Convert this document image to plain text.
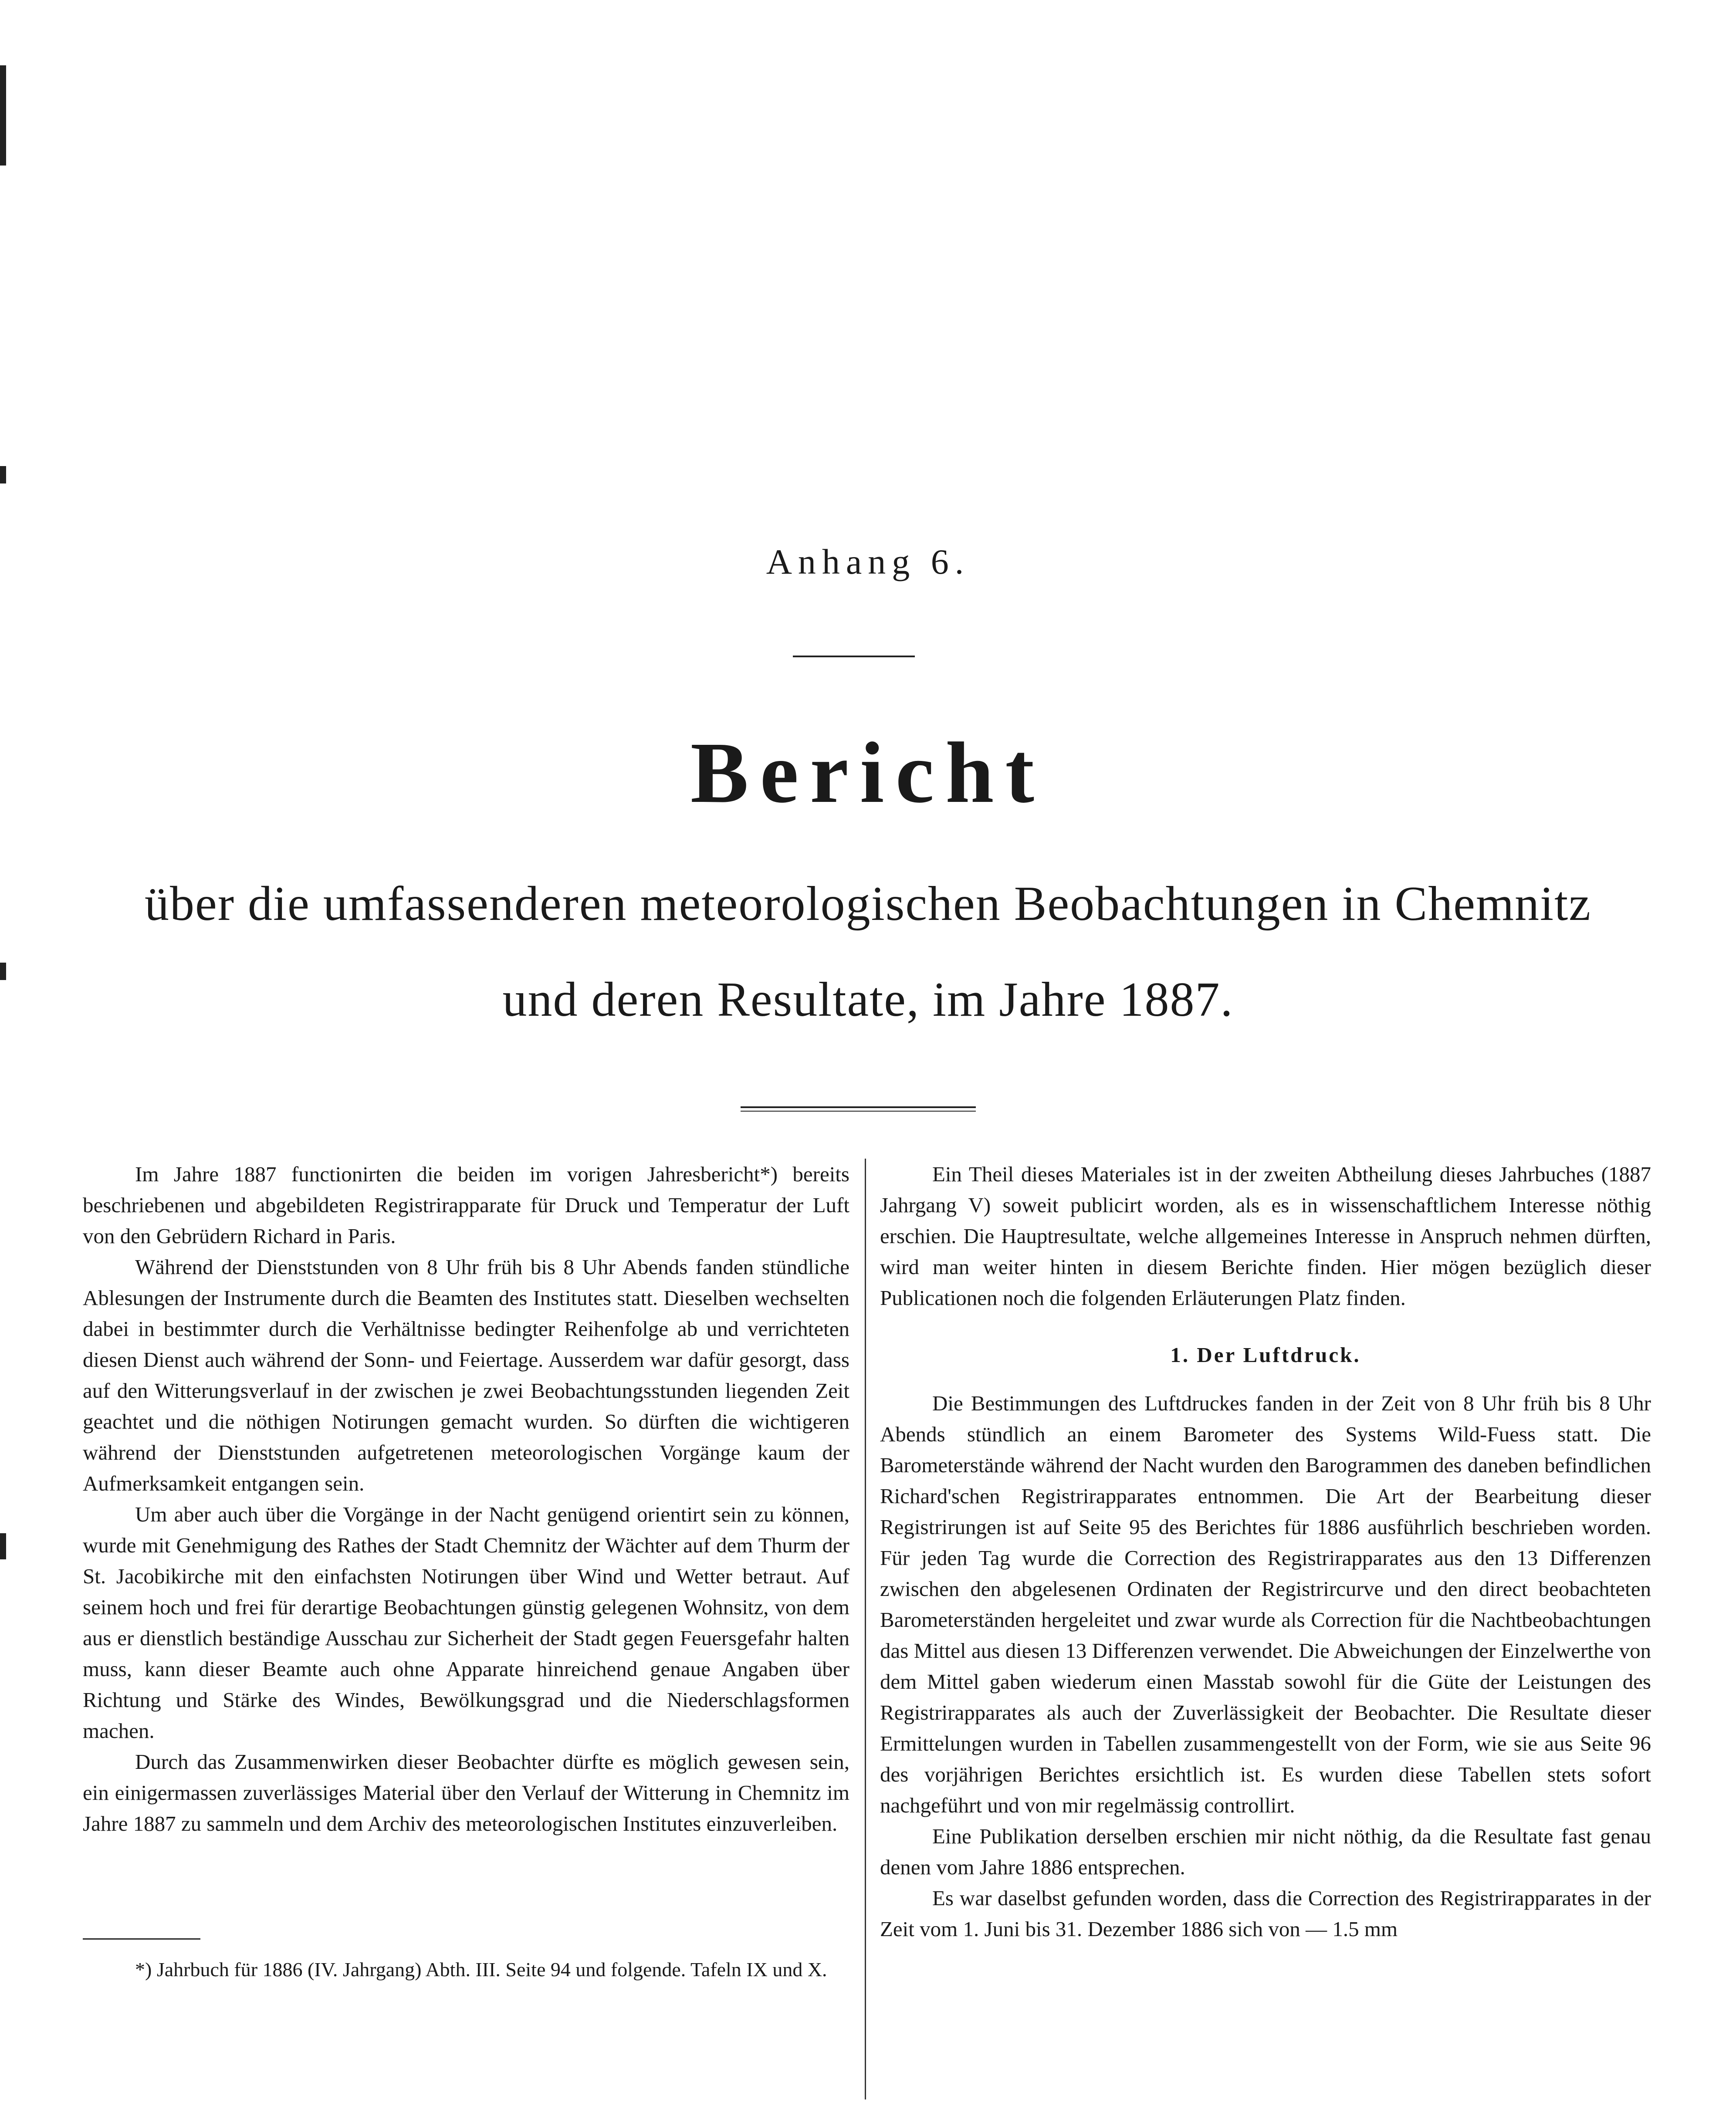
Anhang 6.
Bericht
über die umfassenderen meteorologischen Beobachtungen in Chemnitz
und deren Resultate, im Jahre 1887.

Im Jahre 1887 functionirten die beiden im vorigen Jahresbericht*) bereits beschriebenen und abgebildeten Registrirapparate für Druck und Temperatur der Luft von den Gebrüdern Richard in Paris.

Während der Dienststunden von 8 Uhr früh bis 8 Uhr Abends fanden stündliche Ablesungen der Instrumente durch die Beamten des Institutes statt. Dieselben wechselten dabei in bestimmter durch die Verhältnisse bedingter Reihenfolge ab und verrichteten diesen Dienst auch während der Sonn- und Feiertage. Ausserdem war dafür gesorgt, dass auf den Witterungsverlauf in der zwischen je zwei Beobachtungsstunden liegenden Zeit geachtet und die nöthigen Notirungen gemacht wurden. So dürften die wichtigeren während der Dienststunden aufgetretenen meteorologischen Vorgänge kaum der Aufmerksamkeit entgangen sein.

Um aber auch über die Vorgänge in der Nacht genügend orientirt sein zu können, wurde mit Genehmigung des Rathes der Stadt Chemnitz der Wächter auf dem Thurm der St. Jacobikirche mit den einfachsten Notirungen über Wind und Wetter betraut. Auf seinem hoch und frei für derartige Beobachtungen günstig gelegenen Wohnsitz, von dem aus er dienstlich beständige Ausschau zur Sicherheit der Stadt gegen Feuersgefahr halten muss, kann dieser Beamte auch ohne Apparate hinreichend genaue Angaben über Richtung und Stärke des Windes, Bewölkungsgrad und die Niederschlagsformen machen.

Durch das Zusammenwirken dieser Beobachter dürfte es möglich gewesen sein, ein einigermassen zuverlässiges Material über den Verlauf der Witterung in Chemnitz im Jahre 1887 zu sammeln und dem Archiv des meteorologischen Institutes einzuverleiben.

Ein Theil dieses Materiales ist in der zweiten Abtheilung dieses Jahrbuches (1887 Jahrgang V) soweit publicirt worden, als es in wissenschaftlichem Interesse nöthig erschien. Die Hauptresultate, welche allgemeines Interesse in Anspruch nehmen dürften, wird man weiter hinten in diesem Berichte finden. Hier mögen bezüglich dieser Publicationen noch die folgenden Erläuterungen Platz finden.

1. Der Luftdruck.

Die Bestimmungen des Luftdruckes fanden in der Zeit von 8 Uhr früh bis 8 Uhr Abends stündlich an einem Barometer des Systems Wild-Fuess statt. Die Barometerstände während der Nacht wurden den Barogrammen des daneben befindlichen Richard'schen Registrirapparates entnommen. Die Art der Bearbeitung dieser Registrirungen ist auf Seite 95 des Berichtes für 1886 ausführlich beschrieben worden. Für jeden Tag wurde die Correction des Registrirapparates aus den 13 Differenzen zwischen den abgelesenen Ordinaten der Registrircurve und den direct beobachteten Barometerständen hergeleitet und zwar wurde als Correction für die Nachtbeobachtungen das Mittel aus diesen 13 Differenzen verwendet. Die Abweichungen der Einzelwerthe von dem Mittel gaben wiederum einen Masstab sowohl für die Güte der Leistungen des Registrirapparates als auch der Zuverlässigkeit der Beobachter. Die Resultate dieser Ermittelungen wurden in Tabellen zusammengestellt von der Form, wie sie aus Seite 96 des vorjährigen Berichtes ersichtlich ist. Es wurden diese Tabellen stets sofort nachgeführt und von mir regelmässig controllirt.

Eine Publikation derselben erschien mir nicht nöthig, da die Resultate fast genau denen vom Jahre 1886 entsprechen.

Es war daselbst gefunden worden, dass die Correction des Registrirapparates in der Zeit vom 1. Juni bis 31. Dezember 1886 sich von — 1.5 mm

*) Jahrbuch für 1886 (IV. Jahrgang) Abth. III. Seite 94 und folgende. Tafeln IX und X.
